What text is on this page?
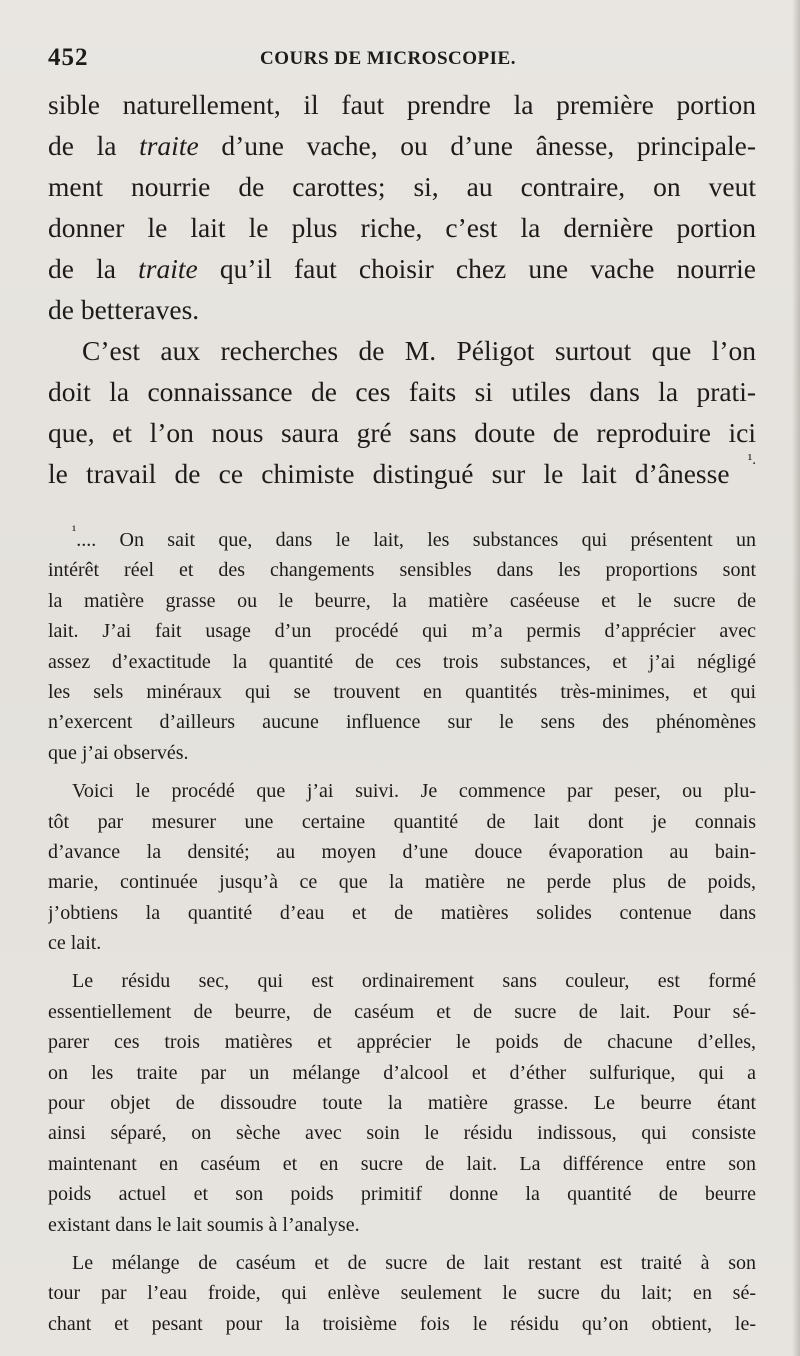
452	COURS DE MICROSCOPIE.
sible naturellement, il faut prendre la première portion
de la traite d’une vache, ou d’une ânesse, principale-
ment nourrie de carottes; si, au contraire, on veut
donner le lait le plus riche, c’est la dernière portion
de la traite qu’il faut choisir chez une vache nourrie
de betteraves.
C’est aux recherches de M. Péligot surtout que l’on
doit la connaissance de ces faits si utiles dans la prati-
que, et l’on nous saura gré sans doute de reproduire ici
le travail de ce chimiste distingué sur le lait d’ânesse $^{^1.}$
$^{^1}$.... On sait que, dans le lait, les substances qui présentent un
intérêt réel et des changements sensibles dans les proportions sont
la matière grasse ou le beurre, la matière caséeuse et le sucre de
lait. J’ai fait usage d’un procédé qui m’a permis d’apprécier avec
assez d’exactitude la quantité de ces trois substances, et j’ai négligé
les sels minéraux qui se trouvent en quantités très-minimes, et qui
n’exercent d’ailleurs aucune influence sur le sens des phénomènes
que j’ai observés.
Voici le procédé que j’ai suivi. Je commence par peser, ou plu-
tôt par mesurer une certaine quantité de lait dont je connais
d’avance la densité; au moyen d’une douce évaporation au bain-
marie, continuée jusqu’à ce que la matière ne perde plus de poids,
j’obtiens la quantité d’eau et de matières solides contenue dans
ce lait.
Le résidu sec, qui est ordinairement sans couleur, est formé
essentiellement de beurre, de caséum et de sucre de lait. Pour sé-
parer ces trois matières et apprécier le poids de chacune d’elles,
on les traite par un mélange d’alcool et d’éther sulfurique, qui a
pour objet de dissoudre toute la matière grasse. Le beurre étant
ainsi séparé, on sèche avec soin le résidu indissous, qui consiste
maintenant en caséum et en sucre de lait. La différence entre son
poids actuel et son poids primitif donne la quantité de beurre
existant dans le lait soumis à l’analyse.
Le mélange de caséum et de sucre de lait restant est traité à son
tour par l’eau froide, qui enlève seulement le sucre du lait; en sé-
chant et pesant pour la troisième fois le résidu qu’on obtient, le-
